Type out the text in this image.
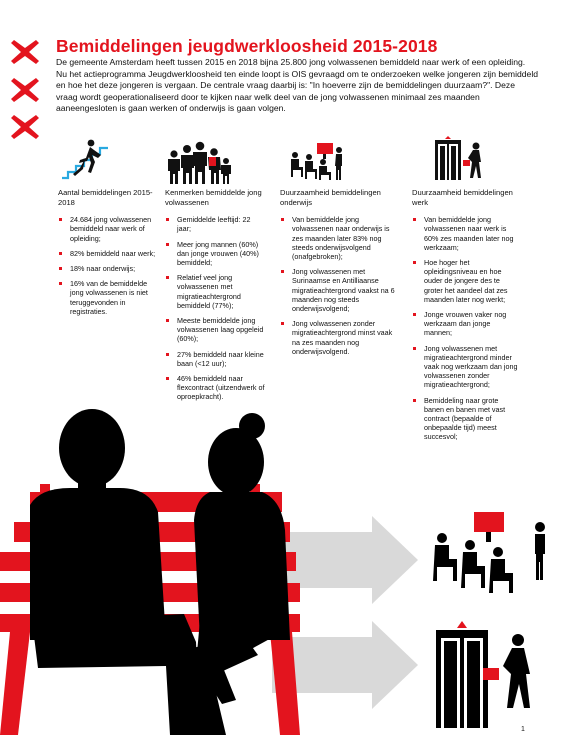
Bemiddelingen jeugdwerkloosheid 2015-2018

De gemeente Amsterdam heeft tussen 2015 en 2018 bijna 25.800 jong volwassenen bemiddeld naar werk of een opleiding. Nu het actieprogramma Jeugdwerkloosheid ten einde loopt is OIS gevraagd om te onderzoeken welke jongeren zijn bemiddeld en hoe het deze jongeren is vergaan. De centrale vraag daarbij is: "In hoeverre zijn de bemiddelingen duurzaam?". Deze vraag wordt geoperationaliseerd door te kijken naar welk deel van de jong volwassenen minimaal zes maanden aaneengesloten is gaan werken of onderwijs is gaan volgen.

Aantal bemiddelingen 2015-2018

24.684 jong volwassenen bemiddeld naar werk of opleiding;
82% bemiddeld naar werk;
18% naar onderwijs;
16% van de bemiddelde jong volwassenen is niet teruggevonden in registraties.

Kenmerken bemiddelde jong volwassenen

Gemiddelde leeftijd: 22 jaar;
Meer jong mannen (60%) dan jonge vrouwen (40%) bemiddeld;
Relatief veel jong volwassenen met migratieachtergrond bemiddeld (77%);
Meeste bemiddelde jong volwassenen laag opgeleid (60%);
27% bemiddeld naar kleine baan (<12 uur);
46% bemiddeld naar flexcontract (uitzendwerk of oproepkracht).

Duurzaamheid bemiddelingen onderwijs

Van bemiddelde jong volwassenen naar onderwijs is zes maanden later 83% nog steeds onderwijsvolgend (onafgebroken);
Jong volwassenen met Surinaamse en Antilliaanse migratieachtergrond vaakst na 6 maanden nog steeds onderwijsvolgend;
Jong volwassenen zonder migratieachtergrond minst vaak na zes maanden nog onderwijsvolgend.

Duurzaamheid bemiddelingen werk

Van bemiddelde jong volwassenen naar werk is 60% zes maanden later nog werkzaam;
Hoe hoger het opleidingsniveau en hoe ouder de jongere des te groter het aandeel dat zes maanden later nog werkt;
Jonge vrouwen vaker nog werkzaam dan jonge mannen;
Jong volwassenen met migratieachtergrond minder vaak nog werkzaam dan jong volwassenen zonder migratieachtergrond;
Bemiddeling naar grote banen en banen met vast contract (bepaalde of onbepaalde tijd) meest succesvol;
1
